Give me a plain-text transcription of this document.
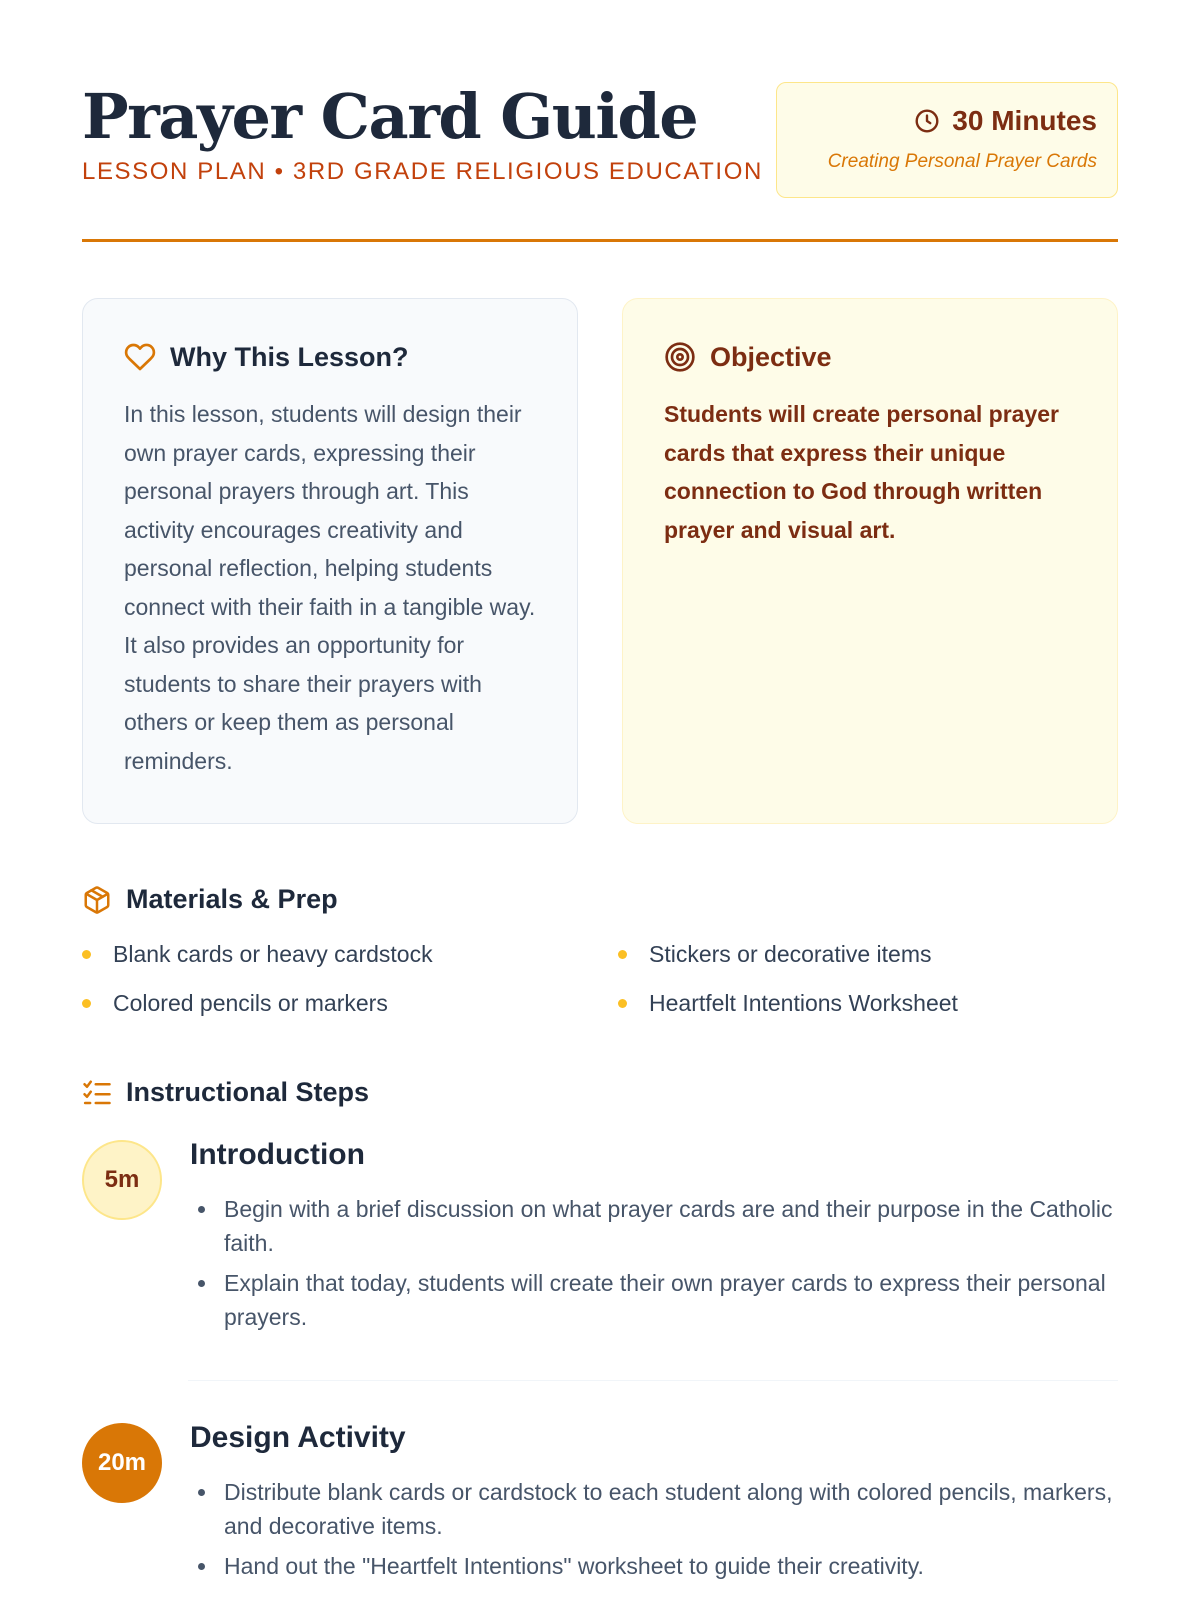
Prayer Card Guide
LESSON PLAN • 3RD GRADE RELIGIOUS EDUCATION
30 Minutes
Creating Personal Prayer Cards
Why This Lesson?

In this lesson, students will design their own prayer cards, expressing their personal prayers through art. This activity encourages creativity and personal reflection, helping students connect with their faith in a tangible way. It also provides an opportunity for students to share their prayers with others or keep them as personal reminders.

Objective

Students will create personal prayer cards that express their unique connection to God through written prayer and visual art.

Materials & Prep
Blank cards or heavy cardstock	Stickers or decorative items
Colored pencils or markers	Heartfelt Intentions Worksheet
Instructional Steps
5m
Introduction
Begin with a brief discussion on what prayer cards are and their purpose in the Catholic faith.
Explain that today, students will create their own prayer cards to express their personal prayers.
20m
Design Activity
Distribute blank cards or cardstock to each student along with colored pencils, markers, and decorative items.
Hand out the "Heartfelt Intentions" worksheet to guide their creativity.
